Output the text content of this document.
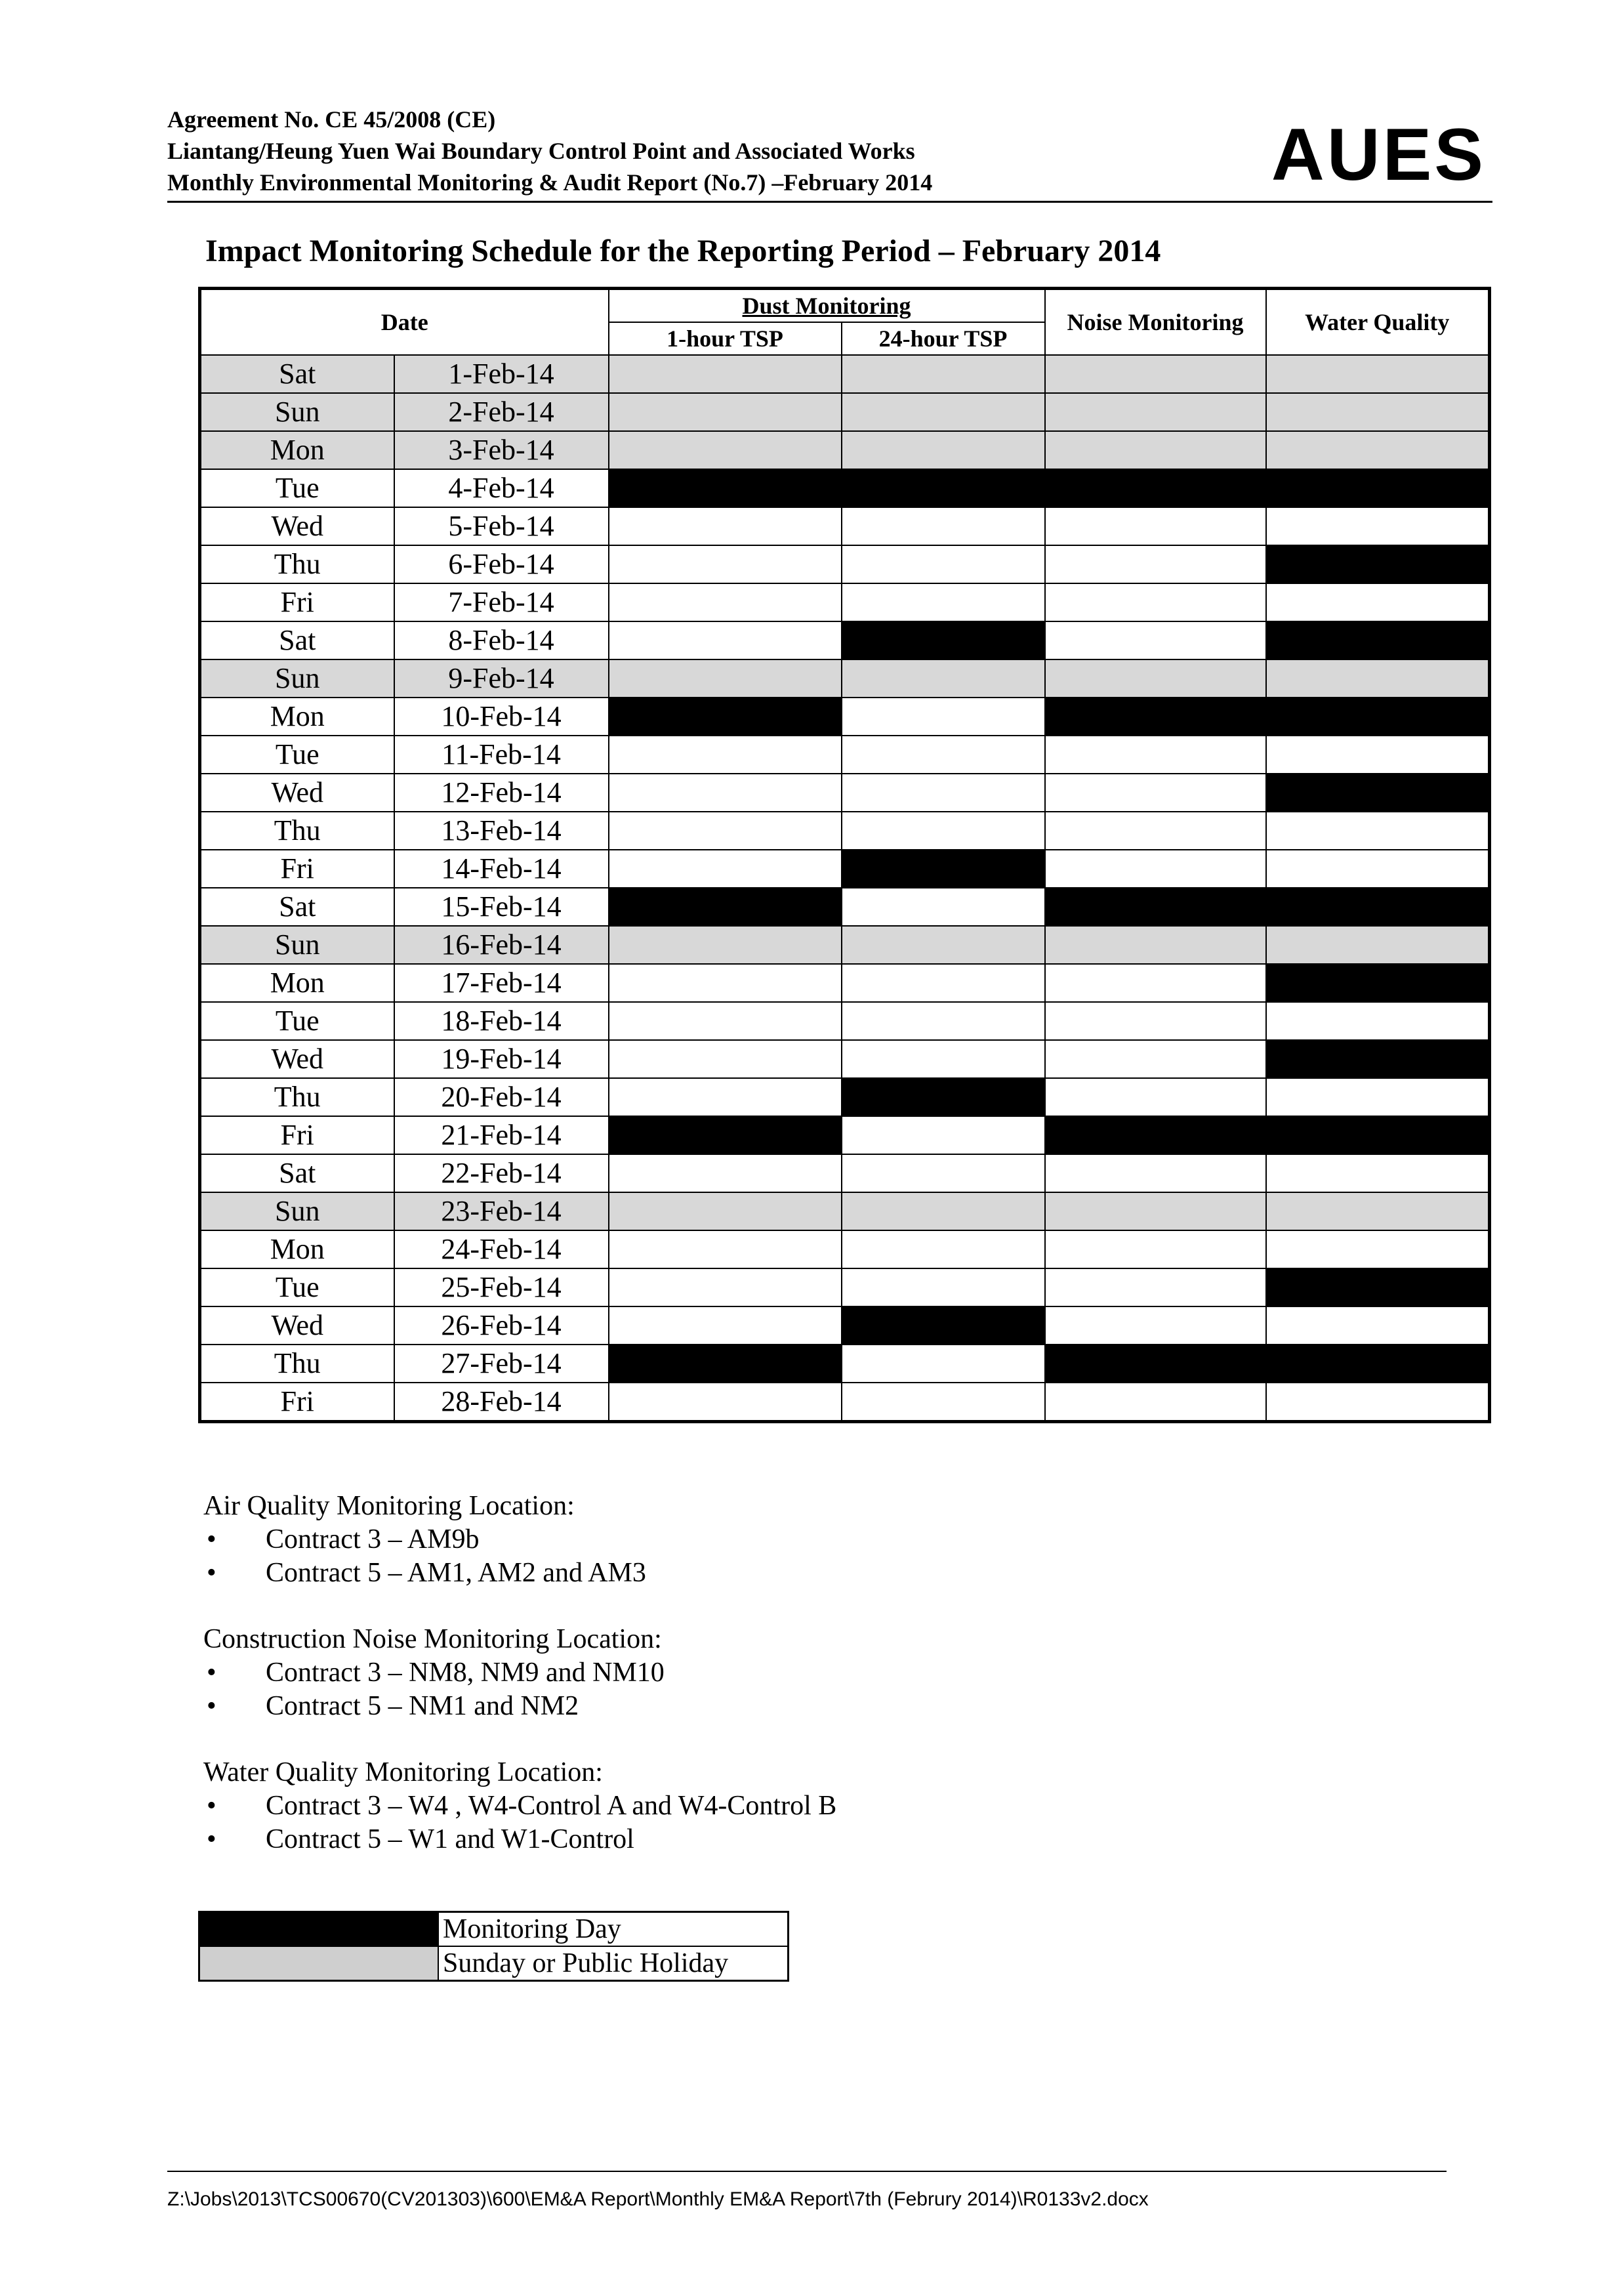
Agreement No. CE 45/2008 (CE)
Liantang/Heung Yuen Wai Boundary Control Point and Associated Works
Monthly Environmental Monitoring & Audit Report (No.7) –February 2014	AUES
Impact Monitoring Schedule for the Reporting Period – February 2014
Date		Dust Monitoring		Noise Monitoring	Water Quality
		1-hour TSP	24-hour TSP		
Sat	1-Feb-14				
Sun	2-Feb-14				
Mon	3-Feb-14				
Tue	4-Feb-14				
Wed	5-Feb-14				
Thu	6-Feb-14				
Fri	7-Feb-14				
Sat	8-Feb-14				
Sun	9-Feb-14				
Mon	10-Feb-14				
Tue	11-Feb-14				
Wed	12-Feb-14				
Thu	13-Feb-14				
Fri	14-Feb-14				
Sat	15-Feb-14				
Sun	16-Feb-14				
Mon	17-Feb-14				
Tue	18-Feb-14				
Wed	19-Feb-14				
Thu	20-Feb-14				
Fri	21-Feb-14				
Sat	22-Feb-14				
Sun	23-Feb-14				
Mon	24-Feb-14				
Tue	25-Feb-14				
Wed	26-Feb-14				
Thu	27-Feb-14				
Fri	28-Feb-14				
Air Quality Monitoring Location:
• Contract 3 – AM9b
• Contract 5 – AM1, AM2 and AM3
Construction Noise Monitoring Location:
• Contract 3 – NM8, NM9 and NM10
• Contract 5 – NM1 and NM2
Water Quality Monitoring Location:
• Contract 3 – W4 , W4-Control A and W4-Control B
• Contract 5 – W1 and W1-Control
	Monitoring Day
	Sunday or Public Holiday
Z:\Jobs\2013\TCS00670(CV201303)\600\EM&A Report\Monthly EM&A Report\7th (Februry 2014)\R0133v2.docx
